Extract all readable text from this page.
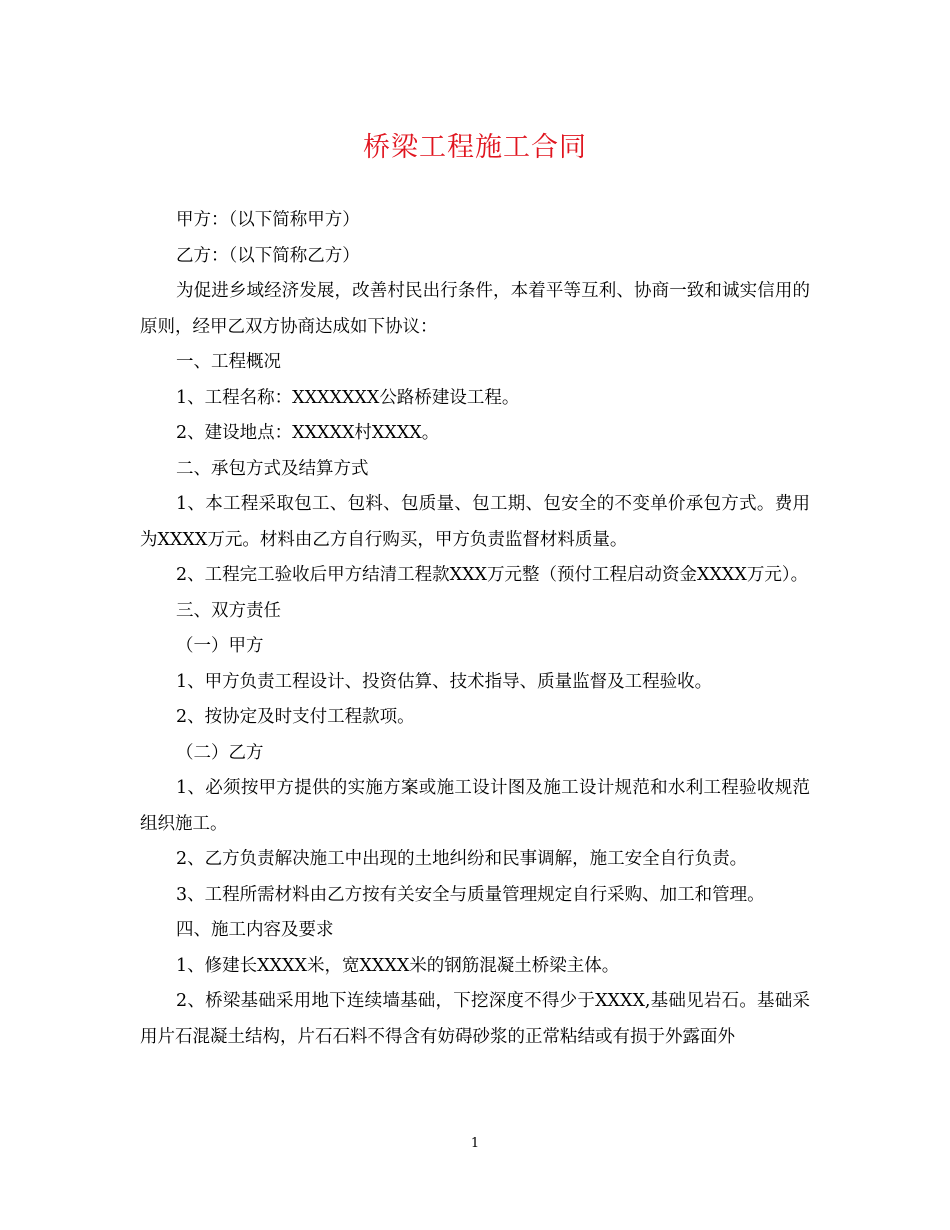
桥梁工程施工合同

甲方：（以下简称甲方）

乙方：（以下简称乙方）

为促进乡域经济发展，改善村民出行条件，本着平等互利、协商一致和诚实信用的原则，经甲乙双方协商达成如下协议：

一、工程概况

1、工程名称：XXXXXXX公路桥建设工程。

2、建设地点：XXXXX村XXXX。

二、承包方式及结算方式

1、本工程采取包工、包料、包质量、包工期、包安全的不变单价承包方式。费用为XXXX万元。材料由乙方自行购买，甲方负责监督材料质量。

2、工程完工验收后甲方结清工程款XXX万元整（预付工程启动资金XXXX万元）。

三、双方责任

（一）甲方

1、甲方负责工程设计、投资估算、技术指导、质量监督及工程验收。

2、按协定及时支付工程款项。

（二）乙方

1、必须按甲方提供的实施方案或施工设计图及施工设计规范和水利工程验收规范组织施工。

2、乙方负责解决施工中出现的土地纠纷和民事调解，施工安全自行负责。

3、工程所需材料由乙方按有关安全与质量管理规定自行采购、加工和管理。

四、施工内容及要求

1、修建长XXXX米，宽XXXX米的钢筋混凝土桥梁主体。

2、桥梁基础采用地下连续墙基础，下挖深度不得少于XXXX,基础见岩石。基础采用片石混凝土结构，片石石料不得含有妨碍砂浆的正常粘结或有损于外露面外

1
